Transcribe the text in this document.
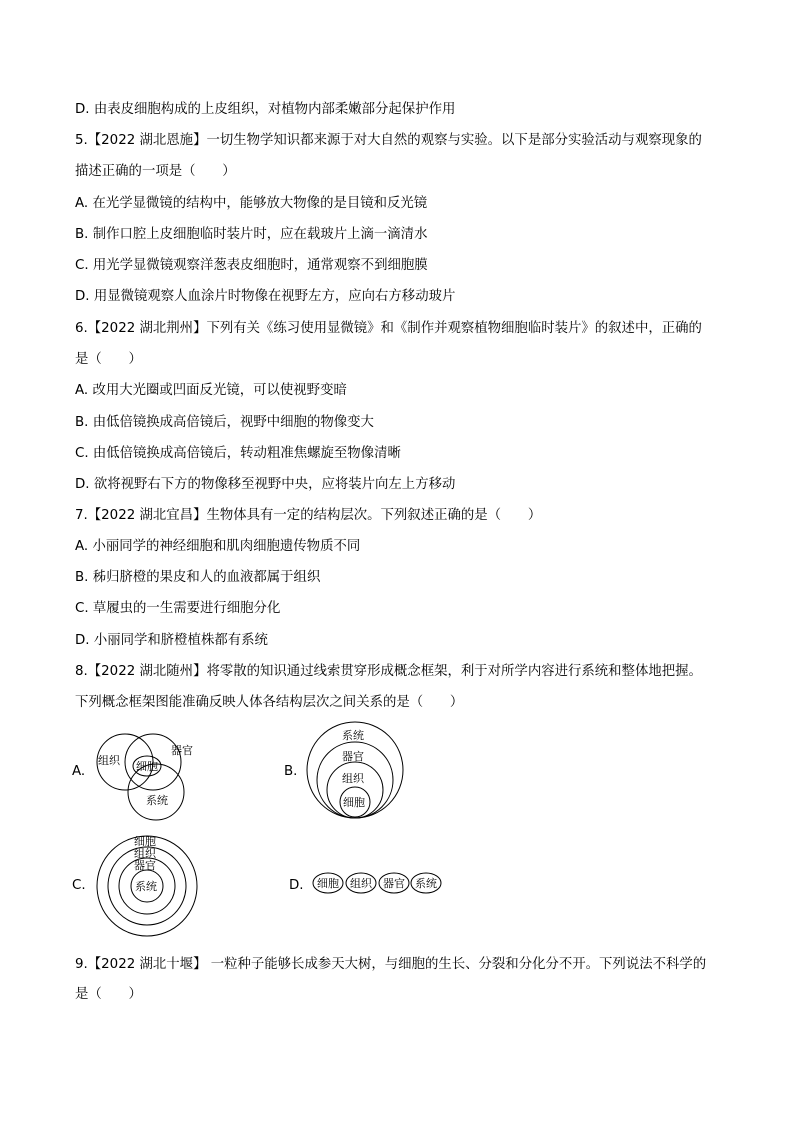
D. 由表皮细胞构成的上皮组织，对植物内部柔嫩部分起保护作用
5.【2022 湖北恩施】一切生物学知识都来源于对大自然的观察与实验。以下是部分实验活动与观察现象的
描述正确的一项是（　　）
A. 在光学显微镜的结构中，能够放大物像的是目镜和反光镜
B. 制作口腔上皮细胞临时装片时，应在载玻片上滴一滴清水
C. 用光学显微镜观察洋葱表皮细胞时，通常观察不到细胞膜
D. 用显微镜观察人血涂片时物像在视野左方，应向右方移动玻片
6.【2022 湖北荆州】下列有关《练习使用显微镜》和《制作并观察植物细胞临时装片》的叙述中，正确的
是（　　）
A. 改用大光圈或凹面反光镜，可以使视野变暗
B. 由低倍镜换成高倍镜后，视野中细胞的物像变大
C. 由低倍镜换成高倍镜后，转动粗准焦螺旋至物像清晰
D. 欲将视野右下方的物像移至视野中央，应将装片向左上方移动
7.【2022 湖北宜昌】生物体具有一定的结构层次。下列叙述正确的是（　　）
B. 秭归脐橙的果皮和人的血液都属于组织
A. 小丽同学的神经细胞和肌肉细胞遗传物质不同
C. 草履虫的一生需要进行细胞分化
D. 小丽同学和脐橙植株都有系统
8.【2022 湖北随州】将零散的知识通过线索贯穿形成概念框架，利于对所学内容进行系统和整体地把握。
下列概念框架图能准确反映人体各结构层次之间关系的是（　　）
9.【2022 湖北十堰】 一粒种子能够长成参天大树，与细胞的生长、分裂和分化分不开。下列说法不科学的
是（　　）
A.
组织 细胞
器官
系统
B.
系统
器官
组织
细胞
C.
细胞
组织
器官
系统	D. 细胞 组织 器官 系统
